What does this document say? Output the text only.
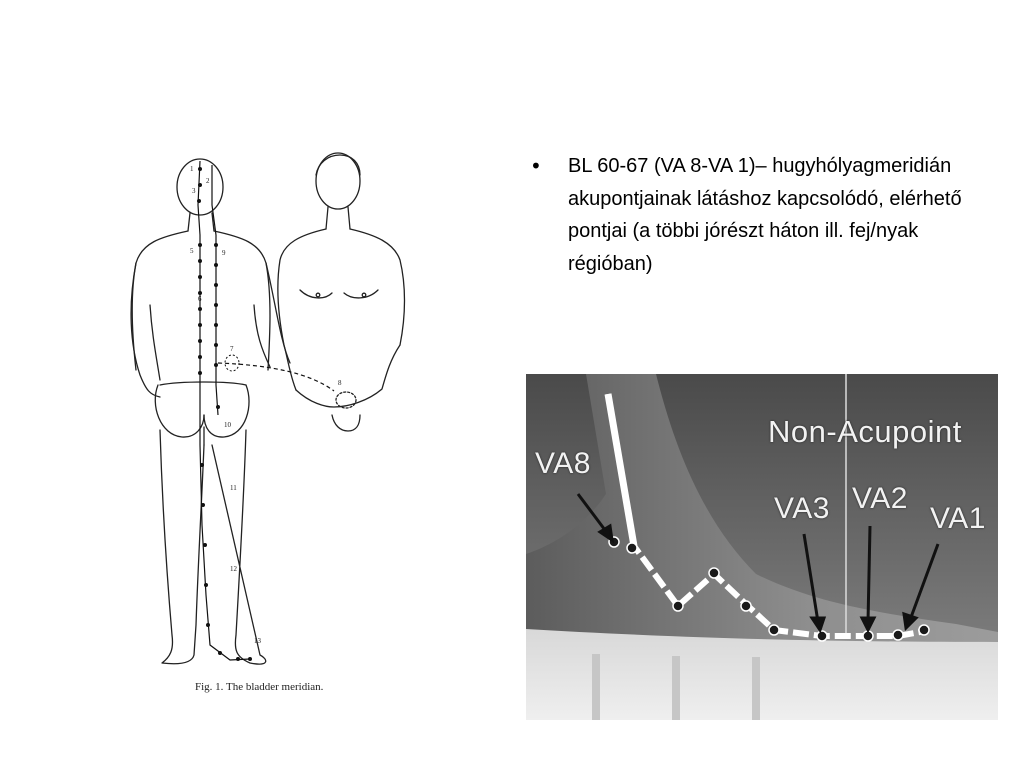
1
2
3
5
6
7
8
9
10
11
12
13
Fig. 1. The bladder meridian.
• BL 60-67 (VA 8-VA 1)– hugyhólyagmeridián akupontjainak látáshoz kapcsolódó, elérhető pontjai (a többi jórészt háton ill. fej/nyak régióban)
Non-Acupoint
VA8
VA3 VA2
VA1
